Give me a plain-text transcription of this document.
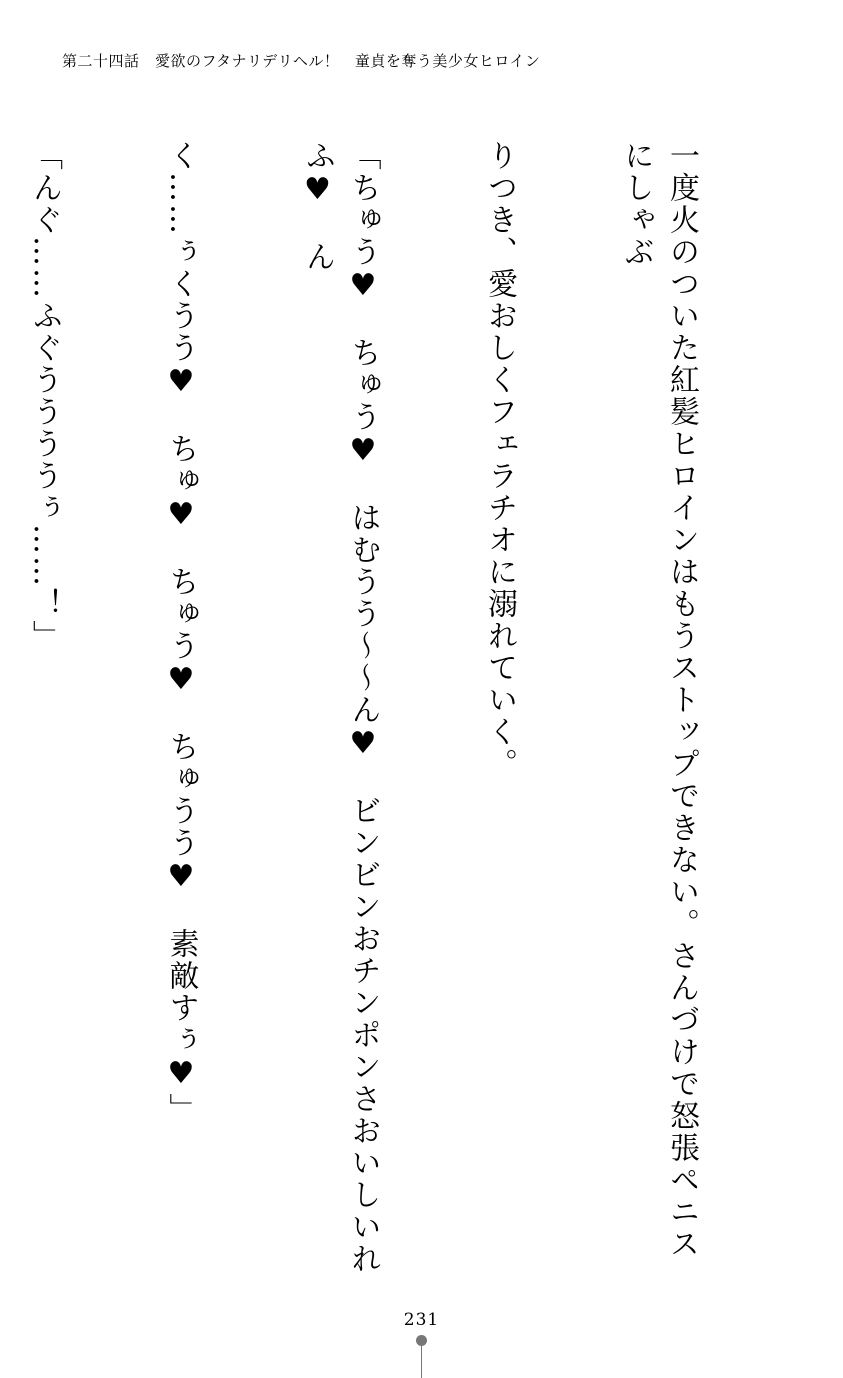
第二十四話　愛欲のフタナリデリヘル！　童貞を奪う美少女ヒロイン

一度火のついた紅髪ヒロインはもうストップできない。さんづけで怒張ペニスにしゃぶ

りつき、愛おしくフェラチオに溺れていく。

「ちゅう♥　ちゅう♥　はむうう〜〜ん♥　ビンビンおチンポンさおいしいれふ♥　ん

く……ぅくうう♥　ちゅ♥　ちゅう♥　ちゅうう♥　素敵すぅ♥」

「んぐ……ふぐううううぅ……！」

231
